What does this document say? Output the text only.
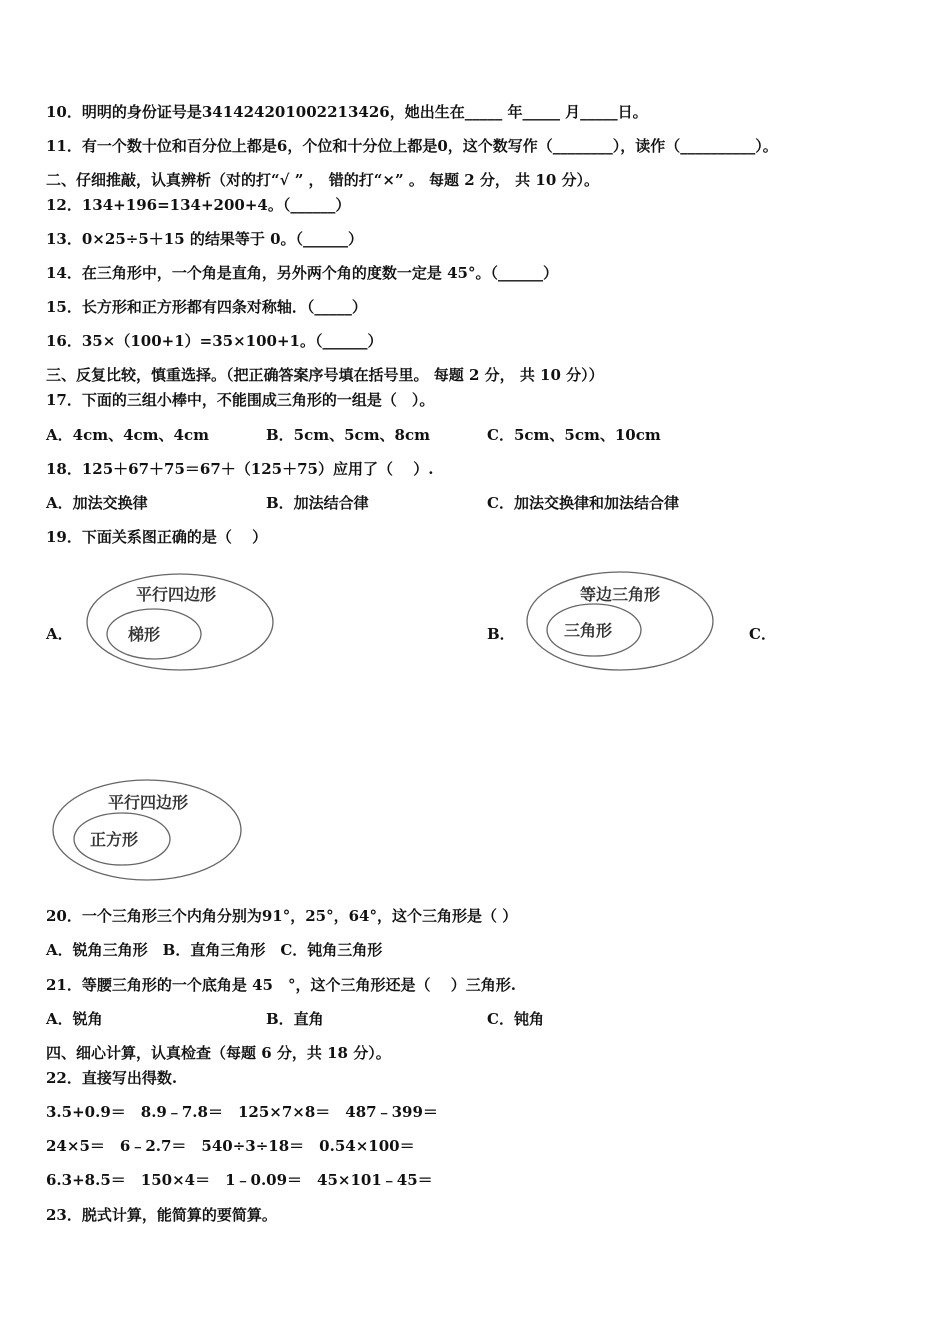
10．明明的身份证号是341424201002213426，她出生在_____ 年_____ 月_____日。
11．有一个数十位和百分位上都是6，个位和十分位上都是0，这个数写作（________），读作（__________）。
二、仔细推敲，认真辨析（对的打“√ ” ， 错的打“×” 。 每题 2 分， 共 10 分）。
12．134+196=134+200+4。（______）
13．0×25÷5＋15 的结果等于 0。（______）
14．在三角形中，一个角是直角，另外两个角的度数一定是 45°。（______）
15．长方形和正方形都有四条对称轴．（_____）
16．35×（100+1）=35×100+1。（______）
三、反复比较，慎重选择。（把正确答案序号填在括号里。 每题 2 分， 共 10 分））
17．下面的三组小棒中，不能围成三角形的一组是（　）。
A．4cm、4cm、4cm	B．5cm、5cm、8cm	C．5cm、5cm、10cm
18．125＋67＋75＝67＋（125＋75）应用了（　 ）.
A．加法交换律	B．加法结合律	C．加法交换律和加法结合律
19．下面关系图正确的是（　 ）
A．
平行四边形
梯形	B．
等边三角形
三角形	C．
平行四边形
正方形
20．一个三角形三个内角分别为91°，25°，64°，这个三角形是（ ）
A．锐角三角形　B．直角三角形　C．钝角三角形
21．等腰三角形的一个底角是 45　°，这个三角形还是（　 ）三角形.
A．锐角	B．直角	C．钝角
四、细心计算，认真检查（每题 6 分，共 18 分）。
22．直接写出得数.
3.5+0.9＝　8.9﹣7.8＝　125×7×8＝　487﹣399＝
24×5＝　6﹣2.7＝　540÷3÷18＝　0.54×100＝
6.3+8.5＝　150×4＝　1﹣0.09＝　45×101﹣45＝
23．脱式计算，能简算的要简算。
